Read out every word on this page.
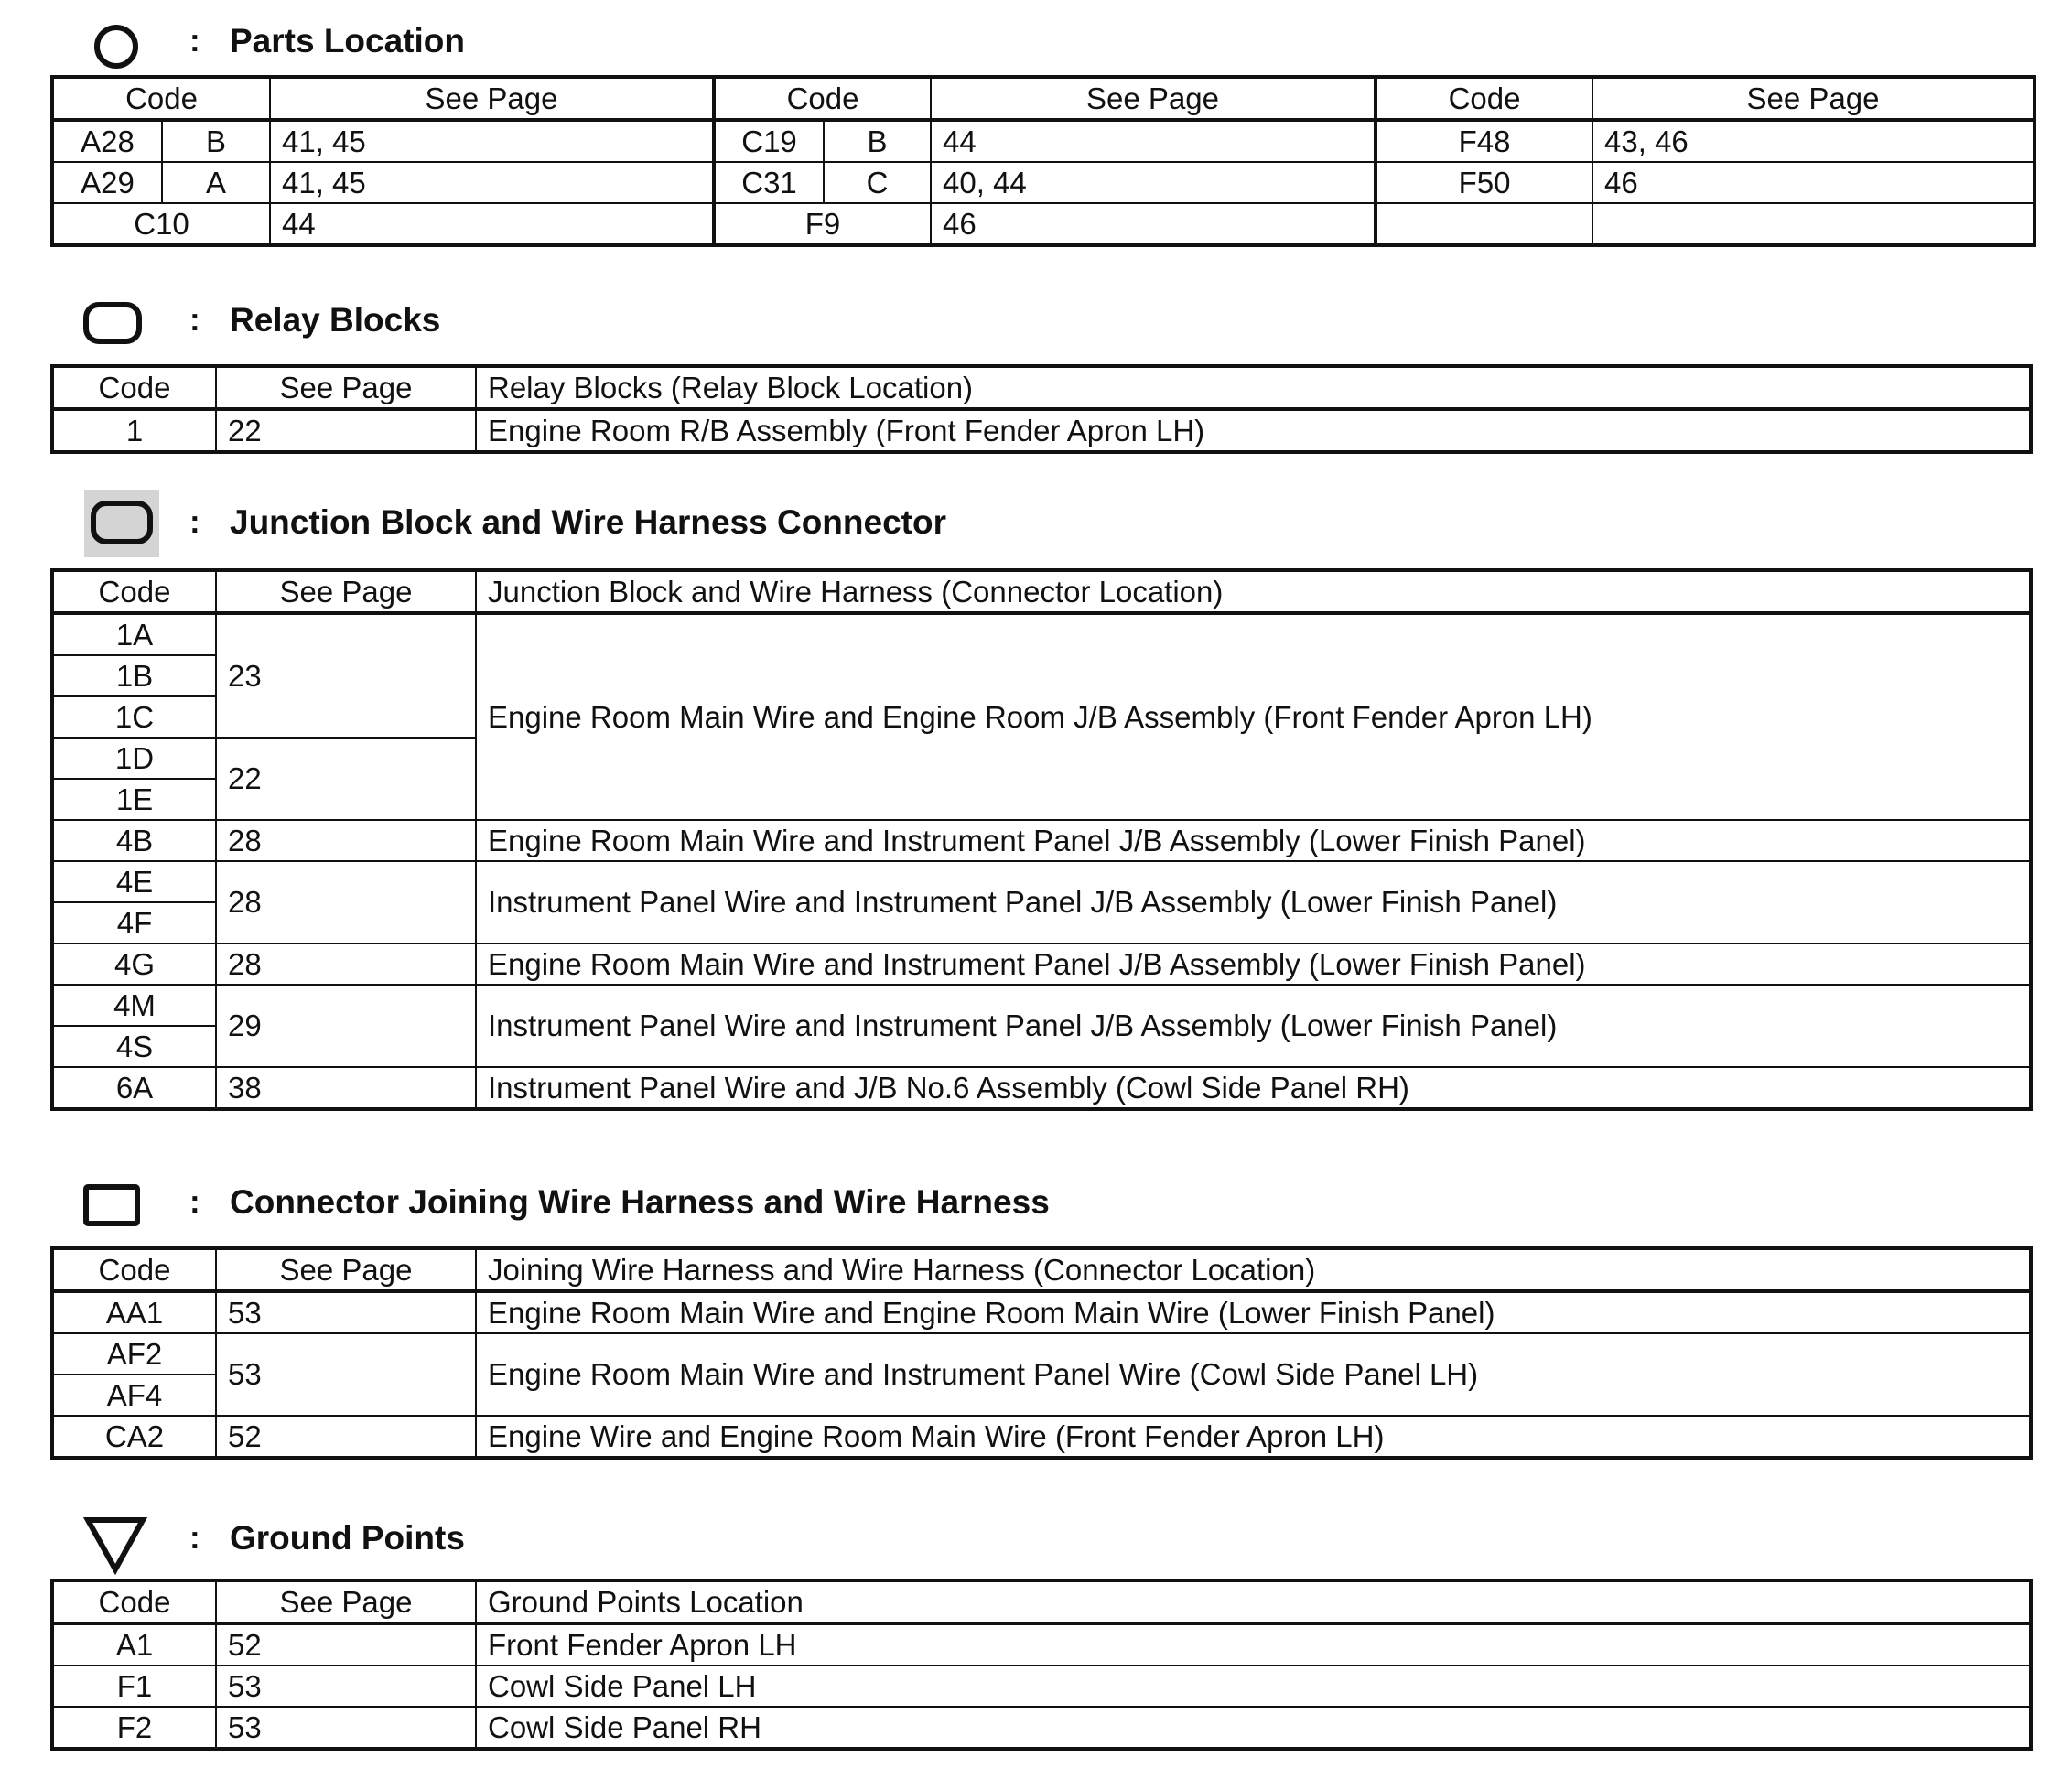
: Parts Location
Code		See Page	Code		See Page	Code	See Page
A28	B	41, 45	C19	B	44	F48	43, 46
A29	A	41, 45	C31	C	40, 44	F50	46
C10		44	F9		46		
: Relay Blocks
Code	See Page	Relay Blocks (Relay Block Location)
1	22	Engine Room R/B Assembly (Front Fender Apron LH)
: Junction Block and Wire Harness Connector
Code	See Page	Junction Block and Wire Harness (Connector Location)
1A	23	Engine Room Main Wire and Engine Room J/B Assembly (Front Fender Apron LH)
1B		
1C		
1D	22	
1E		
4B	28	Engine Room Main Wire and Instrument Panel J/B Assembly (Lower Finish Panel)
4E	28	Instrument Panel Wire and Instrument Panel J/B Assembly (Lower Finish Panel)
4F		
4G	28	Engine Room Main Wire and Instrument Panel J/B Assembly (Lower Finish Panel)
4M	29	Instrument Panel Wire and Instrument Panel J/B Assembly (Lower Finish Panel)
4S		
6A	38	Instrument Panel Wire and J/B No.6 Assembly (Cowl Side Panel RH)
: Connector Joining Wire Harness and Wire Harness
Code	See Page	Joining Wire Harness and Wire Harness (Connector Location)
AA1	53	Engine Room Main Wire and Engine Room Main Wire (Lower Finish Panel)
AF2	53	Engine Room Main Wire and Instrument Panel Wire (Cowl Side Panel LH)
AF4		
CA2	52	Engine Wire and Engine Room Main Wire (Front Fender Apron LH)
: Ground Points
Code	See Page	Ground Points Location
A1	52	Front Fender Apron LH
F1	53	Cowl Side Panel LH
F2	53	Cowl Side Panel RH
